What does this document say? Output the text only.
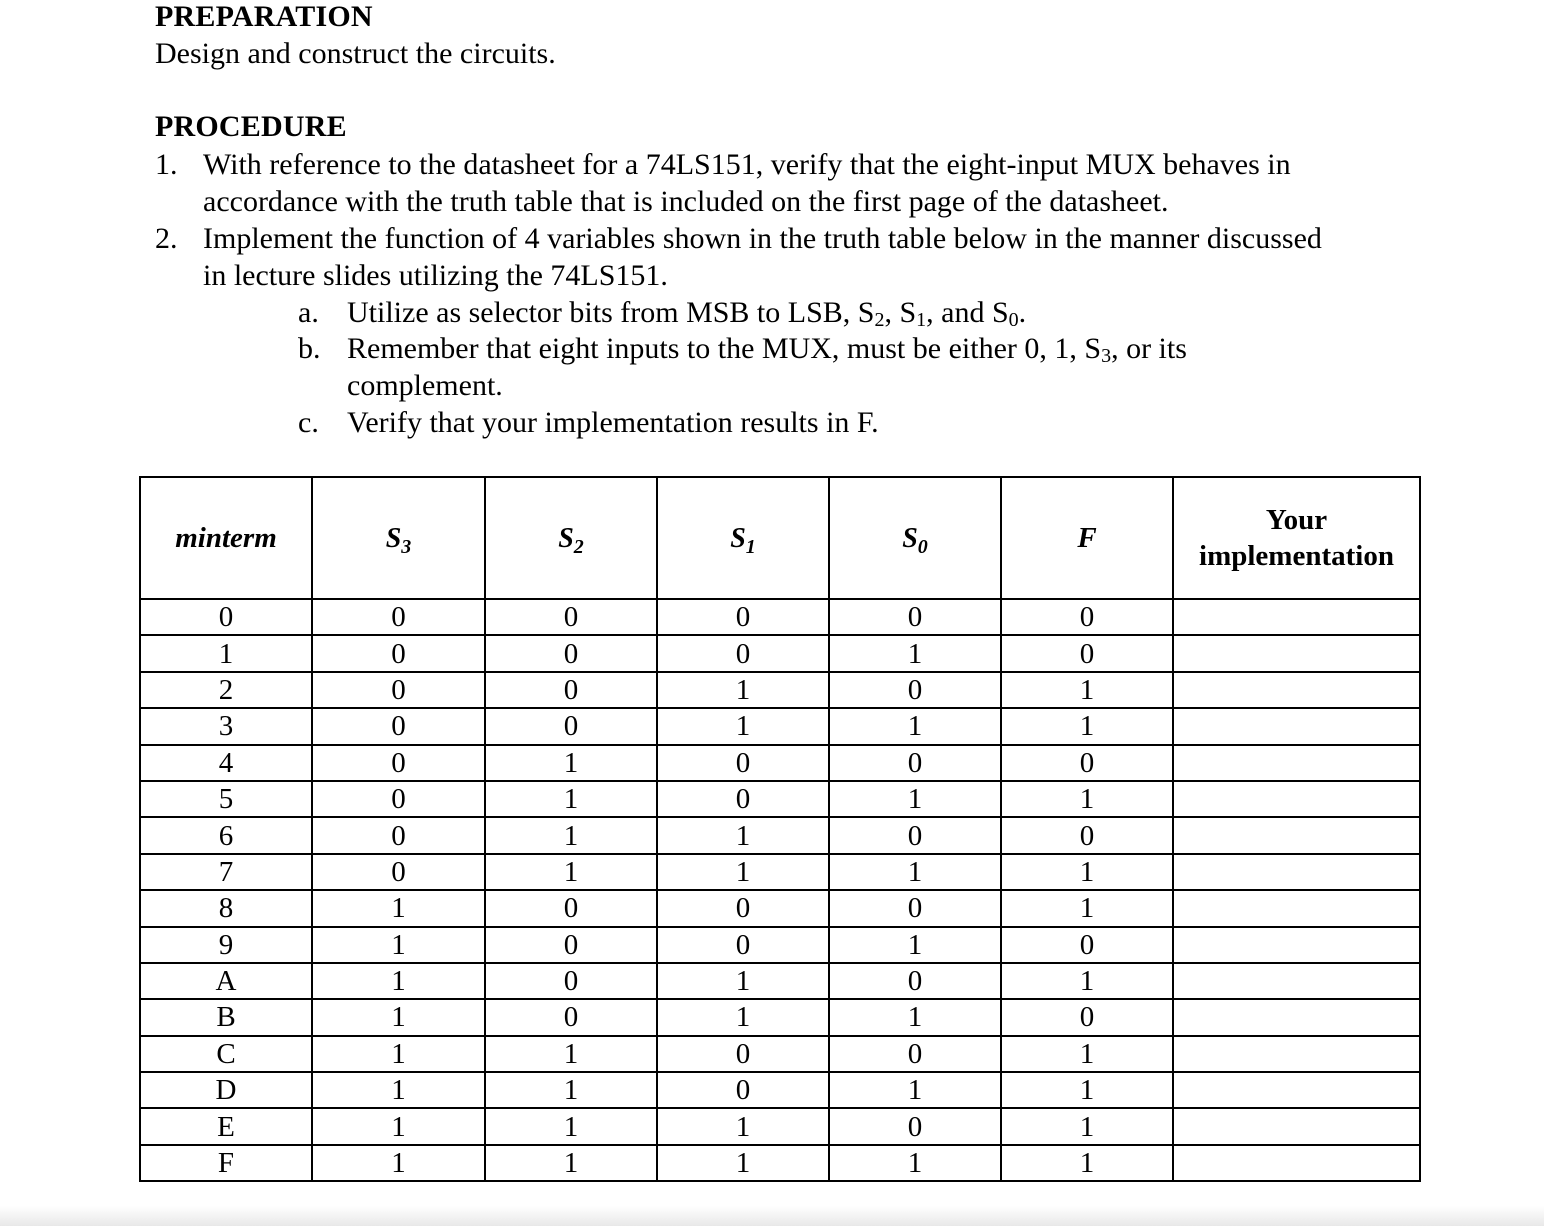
PREPARATION
Design and construct the circuits.
PROCEDURE
1. With reference to the datasheet for a 74LS151, verify that the eight-input MUX behaves in
accordance with the truth table that is included on the first page of the datasheet.
2. Implement the function of 4 variables shown in the truth table below in the manner discussed
in lecture slides utilizing the 74LS151.
a. Utilize as selector bits from MSB to LSB, $S_2$, $S_1$, and $S_0$.
b. Remember that eight inputs to the MUX, must be either 0, 1, $S_3$, or its
complement.
c. Verify that your implementation results in F.
minterm	$S_3$	$S_2$	$S_1$	$S_0$	F	Your
implementation
0	0	0	0	0	0	
1	0	0	0	1	0	
2	0	0	1	0	1	
3	0	0	1	1	1	
4	0	1	0	0	0	
5	0	1	0	1	1	
6	0	1	1	0	0	
7	0	1	1	1	1	
8	1	0	0	0	1	
9	1	0	0	1	0	
A	1	0	1	0	1	
B	1	0	1	1	0	
C	1	1	0	0	1	
D	1	1	0	1	1	
E	1	1	1	0	1	
F	1	1	1	1	1	
